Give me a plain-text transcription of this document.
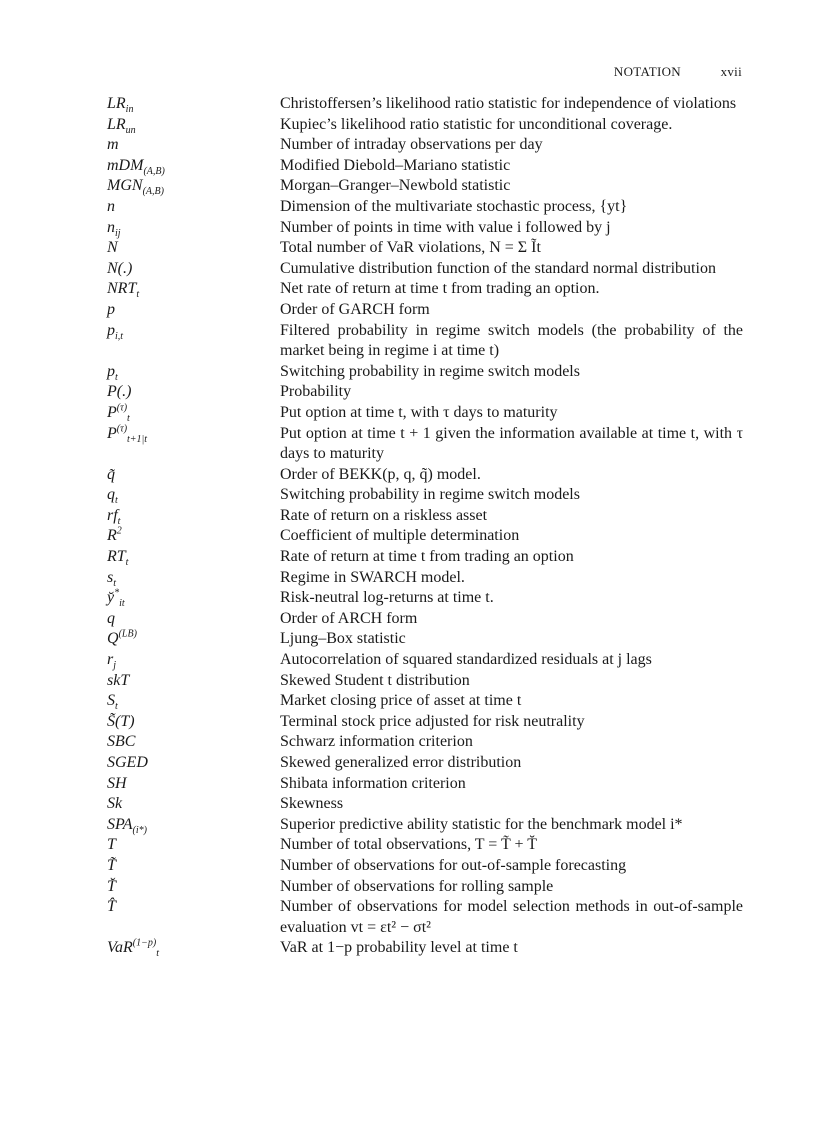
NOTATION	xvii
$LR_{in}$	Christoffersen’s likelihood ratio statistic for independence of violations
$LR_{un}$	Kupiec’s likelihood ratio statistic for unconditional coverage.
m	Number of intraday observations per day
mDM$_{(A,B)}$	Modified Diebold–Mariano statistic
$MGN_{(A,B)}$	Morgan–Granger–Newbold statistic
n	Dimension of the multivariate stochastic process, {yt}
$n_{ij}$	Number of points in time with value i followed by j
N	Total number of VaR violations, N = Σ Ĩt
N(.)	Cumulative distribution function of the standard normal distribution
$NRT_t$	Net rate of return at time t from trading an option.
p	Order of GARCH form
$p_{i,t}$	Filtered probability in regime switch models (the probability of the market being in regime i at time t)
$p_t$	Switching probability in regime switch models
P(.)	Probability
$P^{(\tau)}_t$	Put option at time t, with τ days to maturity
$P^{(\tau)}_{t+1|t}$	Put option at time t + 1 given the information available at time t, with τ days to maturity
q̃	Order of BEKK(p, q, q̃) model.
$q_t$	Switching probability in regime switch models
$rf_t$	Rate of return on a riskless asset
$R^2$	Coefficient of multiple determination
$RT_t$	Rate of return at time t from trading an option
$s_t$	Regime in SWARCH model.
$y̆^*_{it}$	Risk-neutral log-returns at time t.
q	Order of ARCH form
$Q^{(LB)}$	Ljung–Box statistic
$r_j$	Autocorrelation of squared standardized residuals at j lags
skT	Skewed Student t distribution
$S_t$	Market closing price of asset at time t
S̃(T)	Terminal stock price adjusted for risk neutrality
SBC	Schwarz information criterion
SGED	Skewed generalized error distribution
SH	Shibata information criterion
Sk	Skewness
$SPA_{(i*)}$	Superior predictive ability statistic for the benchmark model i*
T	Number of total observations, T = T̃ + T̆
T̃	Number of observations for out-of-sample forecasting
T̆	Number of observations for rolling sample
T̂	Number of observations for model selection methods in out-of-sample evaluation vt = εt² − σt²
VaR$^{(1-p)}_t$	VaR at 1−p probability level at time t
